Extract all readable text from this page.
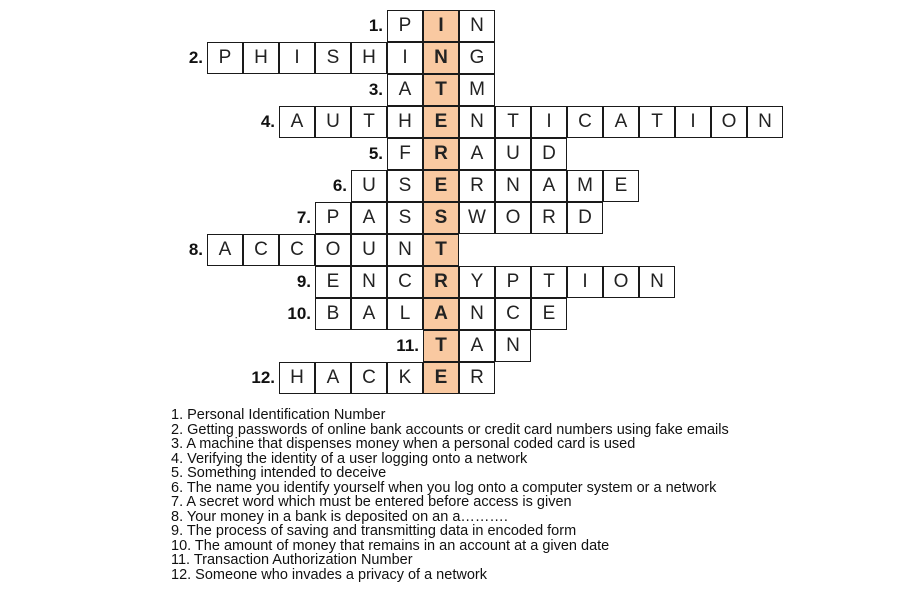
1. P	I	N
2. P	H	I	S	H	I	N	G
3. A	T	M
4. A	U	T	H	E	N	T	I	C	A	T	I	O	N
5. F	R	A	U	D
6. U	S	E	R	N	A	M	E
7. P	A	S	S	W	O	R	D
8. A	C	C	O	U	N	T
9. E	N	C	R	Y	P	T	I	O	N
10. B	A	L	A	N	C	E
11. T	A	N
12. H	A	C	K	E	R
1. Personal Identification Number
2. Getting passwords of online bank accounts or credit card numbers using fake emails
3. A machine that dispenses money when a personal coded card is used
4. Verifying the identity of a user logging onto a network
5. Something intended to deceive
6. The name you identify yourself when you log onto a computer system or a network
7. A secret word which must be entered before access is given
8. Your money in a bank is deposited on an a……….
9. The process of saving and transmitting data in encoded form
10. The amount of money that remains in an account at a given date
11. Transaction Authorization Number
12. Someone who invades a privacy of a network
